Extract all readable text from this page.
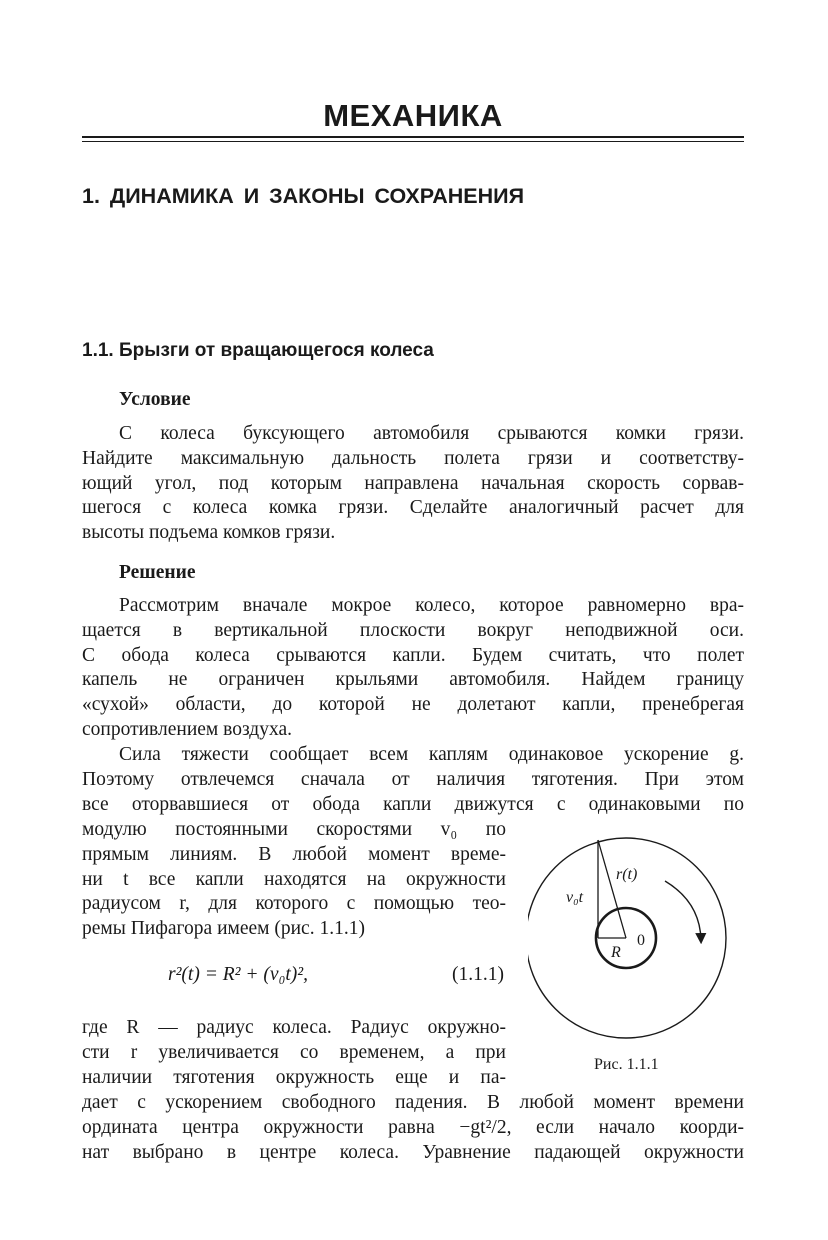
МЕХАНИКА
1. ДИНАМИКА И ЗАКОНЫ СОХРАНЕНИЯ
1.1. Брызги от вращающегося колеса
Условие
С колеса буксующего автомобиля срываются комки грязи.
Найдите максимальную дальность полета грязи и соответству-
ющий угол, под которым направлена начальная скорость сорвав-
шегося с колеса комка грязи. Сделайте аналогичный расчет для
высоты подъема комков грязи.
Решение
Рассмотрим вначале мокрое колесо, которое равномерно вра-
щается в вертикальной плоскости вокруг неподвижной оси.
С обода колеса срываются капли. Будем считать, что полет
капель не ограничен крыльями автомобиля. Найдем границу
«сухой» области, до которой не долетают капли, пренебрегая
сопротивлением воздуха.
Сила тяжести сообщает всем каплям одинаковое ускорение g.
Поэтому отвлечемся сначала от наличия тяготения. При этом
все оторвавшиеся от обода капли движутся с одинаковыми по
модулю постоянными скоростями v₀ по
прямым линиям. В любой момент време-
ни t все капли находятся на окружности
радиусом r, для которого с помощью тео-
ремы Пифагора имеем (рис. 1.1.1)
r²(t) = R² + (v₀t)²,	(1.1.1)
где R — радиус колеса. Радиус окружно-
сти r увеличивается со временем, а при
наличии тяготения окружность еще и па-
дает с ускорением свободного падения. В любой момент времени
ордината центра окружности равна −gt²/2, если начало коорди-
нат выбрано в центре колеса. Уравнение падающей окружности
r(t)
v₀t
R
0
Рис. 1.1.1
